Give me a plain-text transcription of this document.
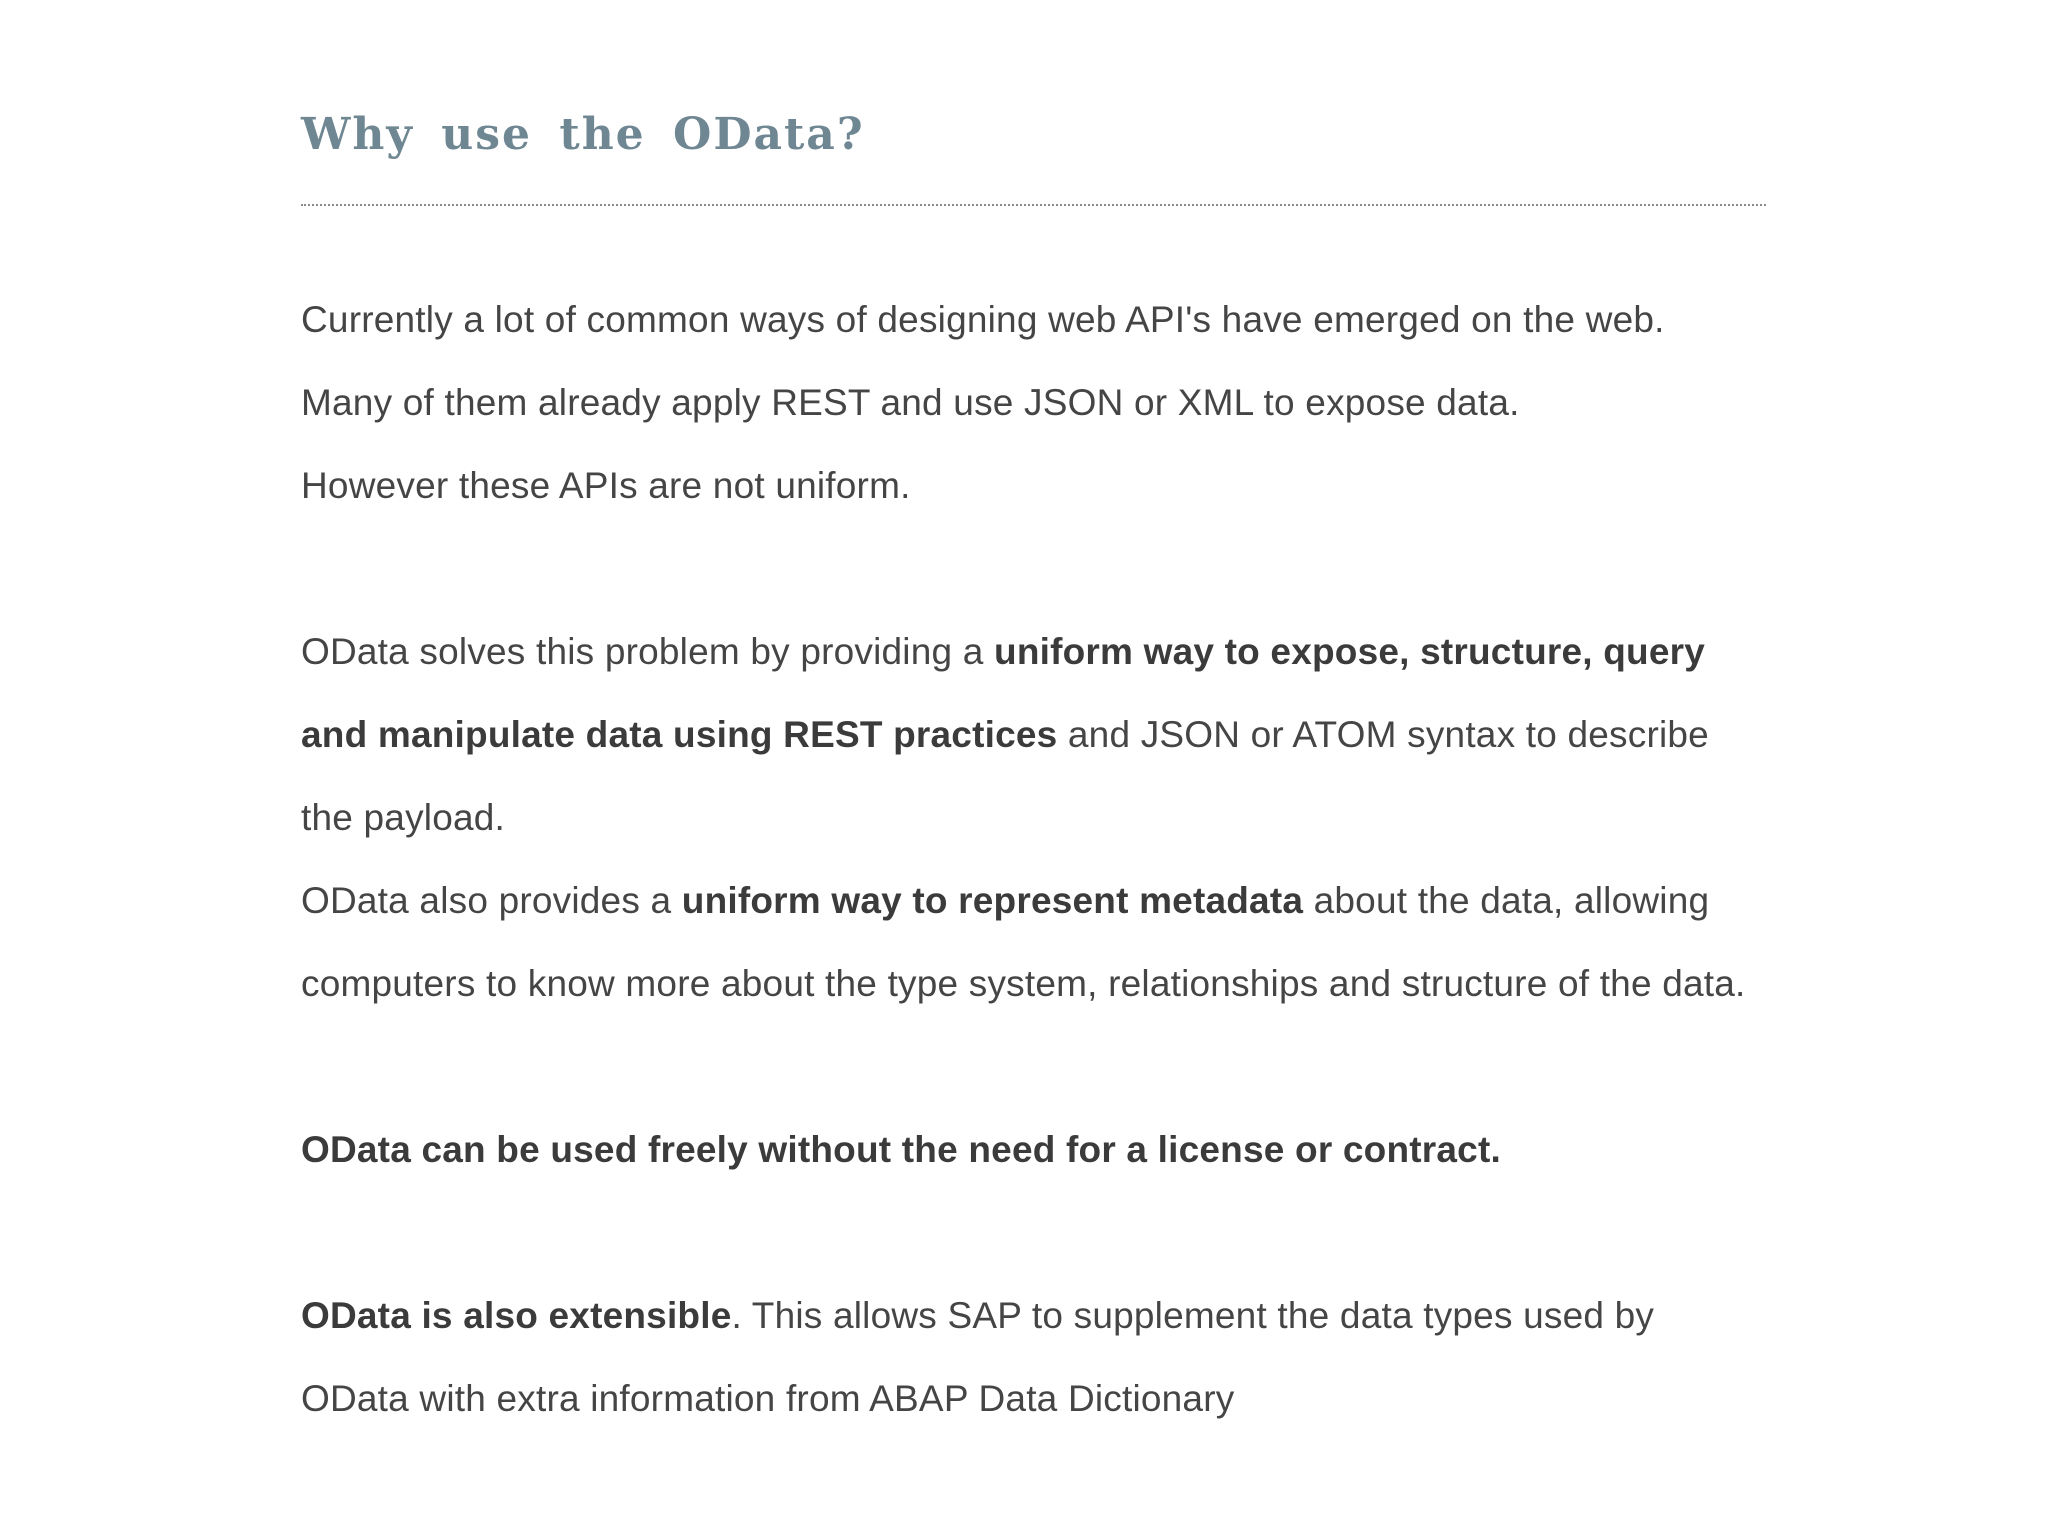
Why use the OData?

Currently a lot of common ways of designing web API's have emerged on the web. Many of them already apply REST and use JSON or XML to expose data.

However these APIs are not uniform.

OData solves this problem by providing a uniform way to expose, structure, query and manipulate data using REST practices and JSON or ATOM syntax to describe the payload.

OData also provides a uniform way to represent metadata about the data, allowing computers to know more about the type system, relationships and structure of the data.

OData can be used freely without the need for a license or contract.

OData is also extensible. This allows SAP to supplement the data types used by OData with extra information from ABAP Data Dictionary
